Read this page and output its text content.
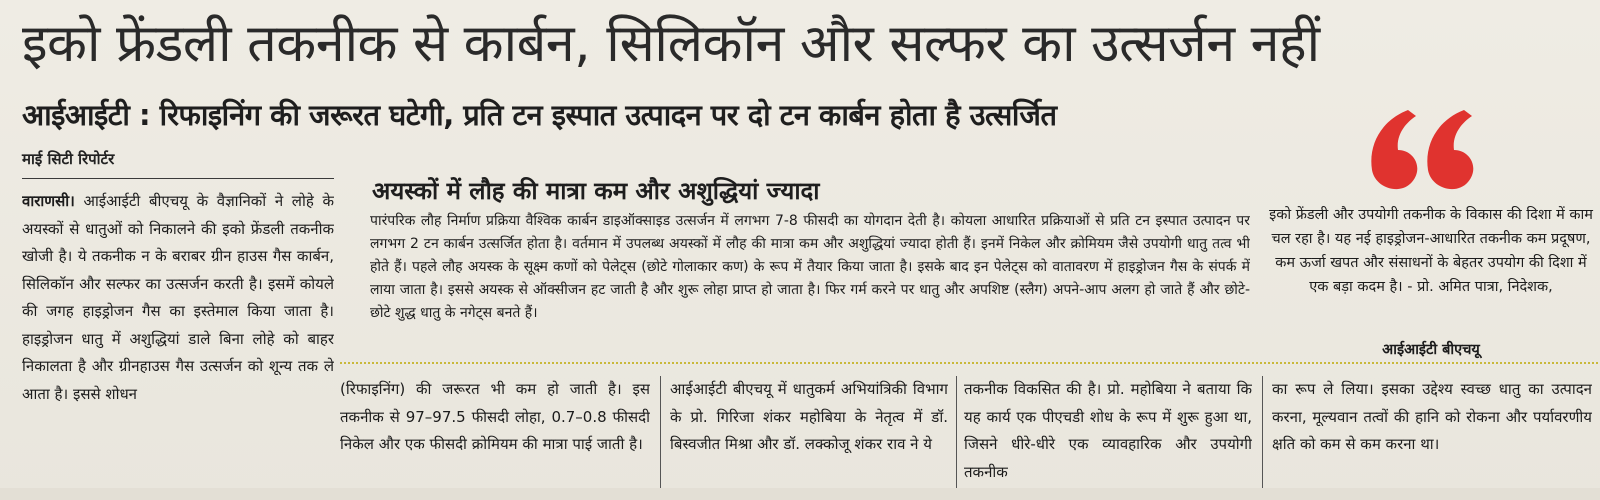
इको फ्रेंडली तकनीक से कार्बन, सिलिकॉन और सल्फर का उत्सर्जन नहीं
आईआईटी : रिफाइनिंग की जरूरत घटेगी, प्रति टन इस्पात उत्पादन पर दो टन कार्बन होता है उत्सर्जित
माई सिटी रिपोर्टर
वाराणसी। आईआईटी बीएचयू के वैज्ञानिकों ने लोहे के अयस्कों से धातुओं को निकालने की इको फ्रेंडली तकनीक खोजी है। ये तकनीक न के बराबर ग्रीन हाउस गैस कार्बन, सिलिकॉन और सल्फर का उत्सर्जन करती है। इसमें कोयले की जगह हाइड्रोजन गैस का इस्तेमाल किया जाता है। हाइड्रोजन धातु में अशुद्धियां डाले बिना लोहे को बाहर निकालता है और ग्रीनहाउस गैस उत्सर्जन को शून्य तक ले आता है। इससे शोधन
अयस्कों में लौह की मात्रा कम और अशुद्धियां ज्यादा
पारंपरिक लौह निर्माण प्रक्रिया वैश्विक कार्बन डाइऑक्साइड उत्सर्जन में लगभग 7-8 फीसदी का योगदान देती है। कोयला आधारित प्रक्रियाओं से प्रति टन इस्पात उत्पादन पर लगभग 2 टन कार्बन उत्सर्जित होता है। वर्तमान में उपलब्ध अयस्कों में लौह की मात्रा कम और अशुद्धियां ज्यादा होती हैं। इनमें निकेल और क्रोमियम जैसे उपयोगी धातु तत्व भी होते हैं। पहले लौह अयस्क के सूक्ष्म कणों को पेलेट्स (छोटे गोलाकार कण) के रूप में तैयार किया जाता है। इसके बाद इन पेलेट्स को वातावरण में हाइड्रोजन गैस के संपर्क में लाया जाता है। इससे अयस्क से ऑक्सीजन हट जाती है और शुरू लोहा प्राप्त हो जाता है। फिर गर्म करने पर धातु और अपशिष्ट (स्लैग) अपने-आप अलग हो जाते हैं और छोटे-छोटे शुद्ध धातु के नगेट्स बनते हैं।
इको फ्रेंडली और उपयोगी तकनीक के विकास की दिशा में काम चल रहा है। यह नई हाइड्रोजन-आधारित तकनीक कम प्रदूषण, कम ऊर्जा खपत और संसाधनों के बेहतर उपयोग की दिशा में एक बड़ा कदम है। - प्रो. अमित पात्रा, निदेशक,
आईआईटी बीएचयू
(रिफाइनिंग) की जरूरत भी कम हो जाती है। इस तकनीक से 97–97.5 फीसदी लोहा, 0.7–0.8 फीसदी निकेल और एक फीसदी क्रोमियम की मात्रा पाई जाती है।
आईआईटी बीएचयू में धातुकर्म अभियांत्रिकी विभाग के प्रो. गिरिजा शंकर महोबिया के नेतृत्व में डॉ. बिस्वजीत मिश्रा और डॉ. लक्कोजू शंकर राव ने ये
तकनीक विकसित की है। प्रो. महोबिया ने बताया कि यह कार्य एक पीएचडी शोध के रूप में शुरू हुआ था, जिसने धीरे-धीरे एक व्यावहारिक और उपयोगी तकनीक
का रूप ले लिया। इसका उद्देश्य स्वच्छ धातु का उत्पादन करना, मूल्यवान तत्वों की हानि को रोकना और पर्यावरणीय क्षति को कम से कम करना था।
